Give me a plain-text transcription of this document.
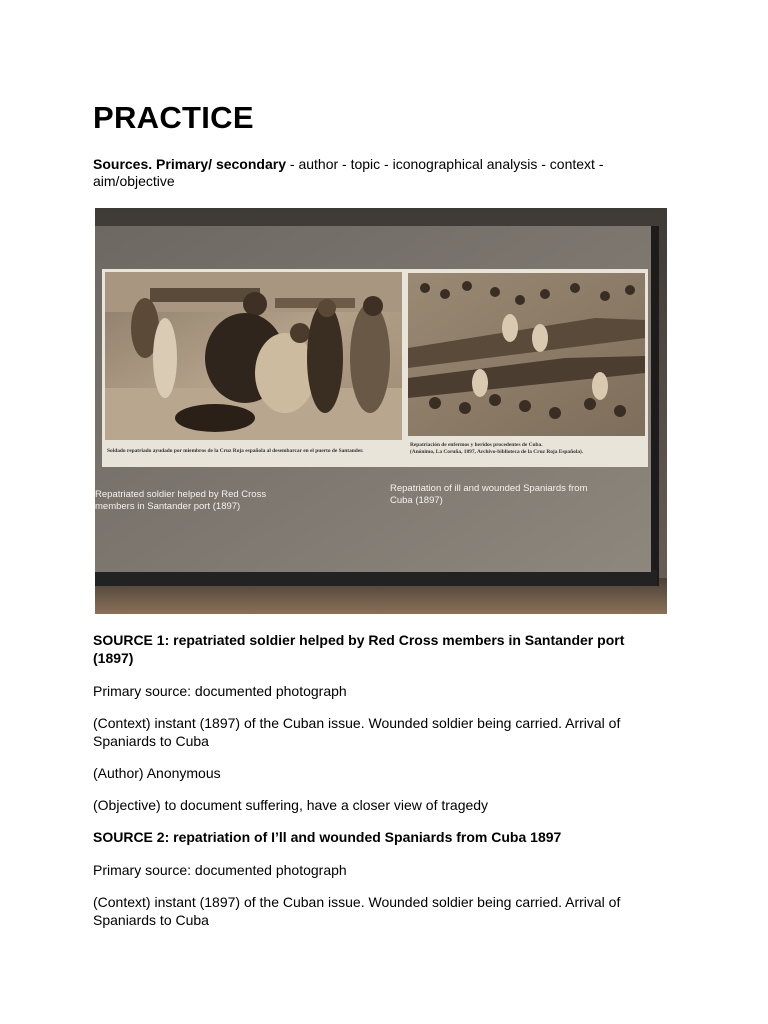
PRACTICE
Sources. Primary/ secondary - author - topic - iconographical analysis - context - aim/objective
Soldado repatriado ayudado por miembros de la Cruz Roja española al desembarcar en el puerto de Santander.
Repatriación de enfermos y heridos procedentes de Cuba.
(Anónimo, La Coruña, 1897, Archivo-biblioteca de la Cruz Roja Española).
Repatriated soldier helped by Red Cross members in Santander port (1897)
Repatriation of ill and wounded Spaniards from Cuba (1897)

SOURCE 1: repatriated soldier helped by Red Cross members in Santander port (1897)

Primary source: documented photograph

(Context) instant (1897) of the Cuban issue. Wounded soldier being carried. Arrival of Spaniards to Cuba

(Author) Anonymous

(Objective) to document suffering, have a closer view of tragedy

SOURCE 2: repatriation of I’ll and wounded Spaniards from Cuba 1897

Primary source: documented photograph

(Context) instant (1897) of the Cuban issue. Wounded soldier being carried. Arrival of Spaniards to Cuba
